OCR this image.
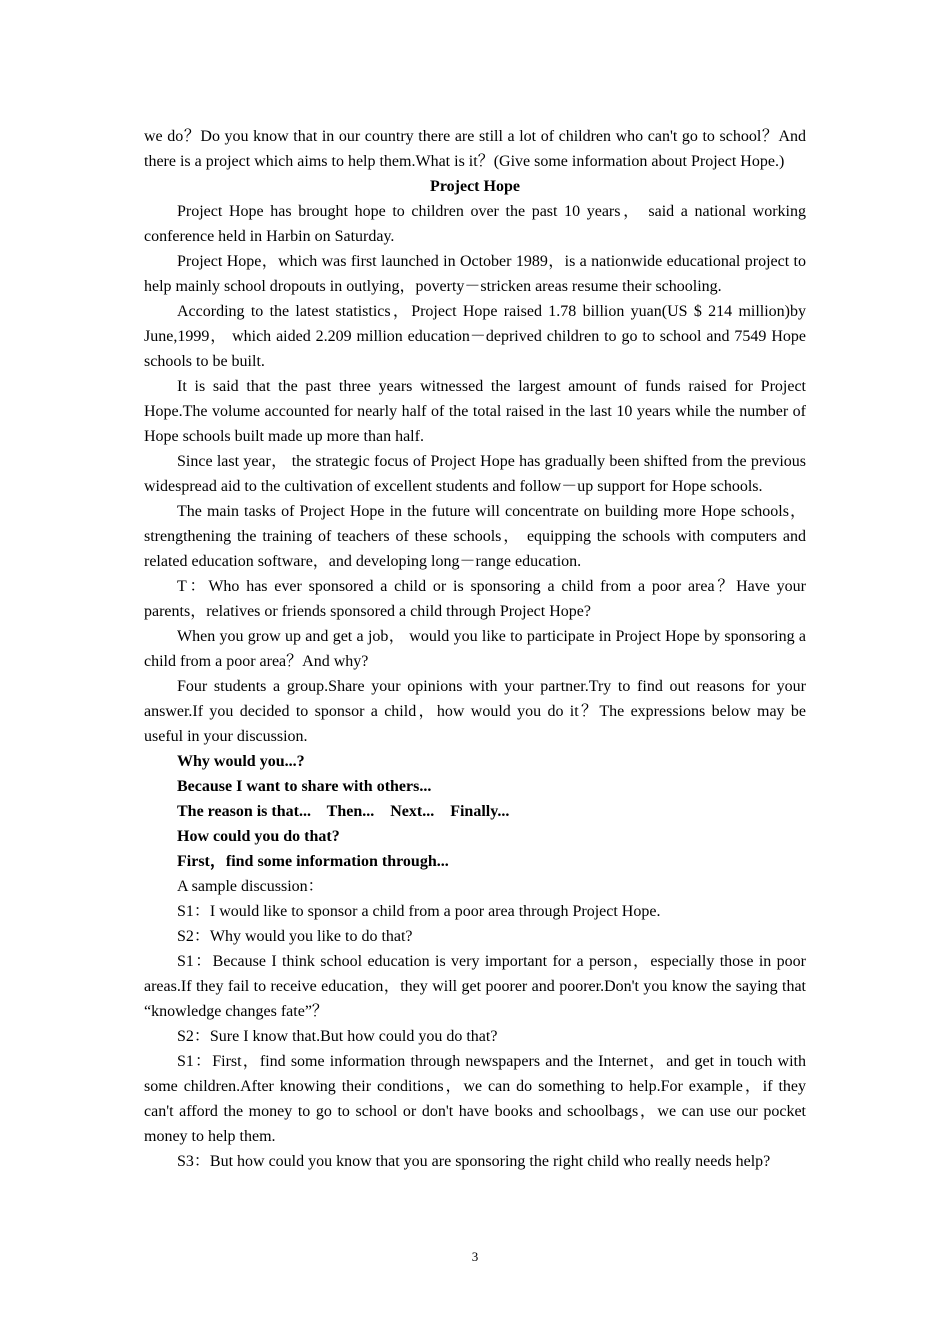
we do？Do you know that in our country there are still a lot of children who can't go to school？And there is a project which aims to help them.What is it？(Give some information about Project Hope.)

Project Hope

Project Hope has brought hope to children over the past 10 years， said a national working conference held in Harbin on Saturday.

Project Hope，which was first launched in October 1989，is a nationwide educational project to help mainly school dropouts in outlying，poverty－stricken areas resume their schooling.

According to the latest statistics，Project Hope raised 1.78 billion yuan(US $ 214 million)by June,1999， which aided 2.209 million education－deprived children to go to school and 7549 Hope schools to be built.

It is said that the past three years witnessed the largest amount of funds raised for Project Hope.The volume accounted for nearly half of the total raised in the last 10 years while the number of Hope schools built made up more than half.

Since last year， the strategic focus of Project Hope has gradually been shifted from the previous widespread aid to the cultivation of excellent students and follow－up support for Hope schools.

The main tasks of Project Hope in the future will concentrate on building more Hope schools， strengthening the training of teachers of these schools， equipping the schools with computers and related education software，and developing long－range education.

T：Who has ever sponsored a child or is sponsoring a child from a poor area？Have your parents，relatives or friends sponsored a child through Project Hope?

When you grow up and get a job， would you like to participate in Project Hope by sponsoring a child from a poor area？And why?

Four students a group.Share your opinions with your partner.Try to find out reasons for your answer.If you decided to sponsor a child，how would you do it？The expressions below may be useful in your discussion.

Why would you...?

Because I want to share with others...

The reason is that...    Then...    Next...    Finally...

How could you do that?

First，find some information through...

A sample discussion：

S1：I would like to sponsor a child from a poor area through Project Hope.

S2：Why would you like to do that?

S1：Because I think school education is very important for a person，especially those in poor areas.If they fail to receive education，they will get poorer and poorer.Don't you know the saying that “knowledge changes fate”？

S2：Sure I know that.But how could you do that?

S1：First，find some information through newspapers and the Internet，and get in touch with some children.After knowing their conditions，we can do something to help.For example，if they can't afford the money to go to school or don't have books and schoolbags，we can use our pocket money to help them.

S3：But how could you know that you are sponsoring the right child who really needs help?

3
